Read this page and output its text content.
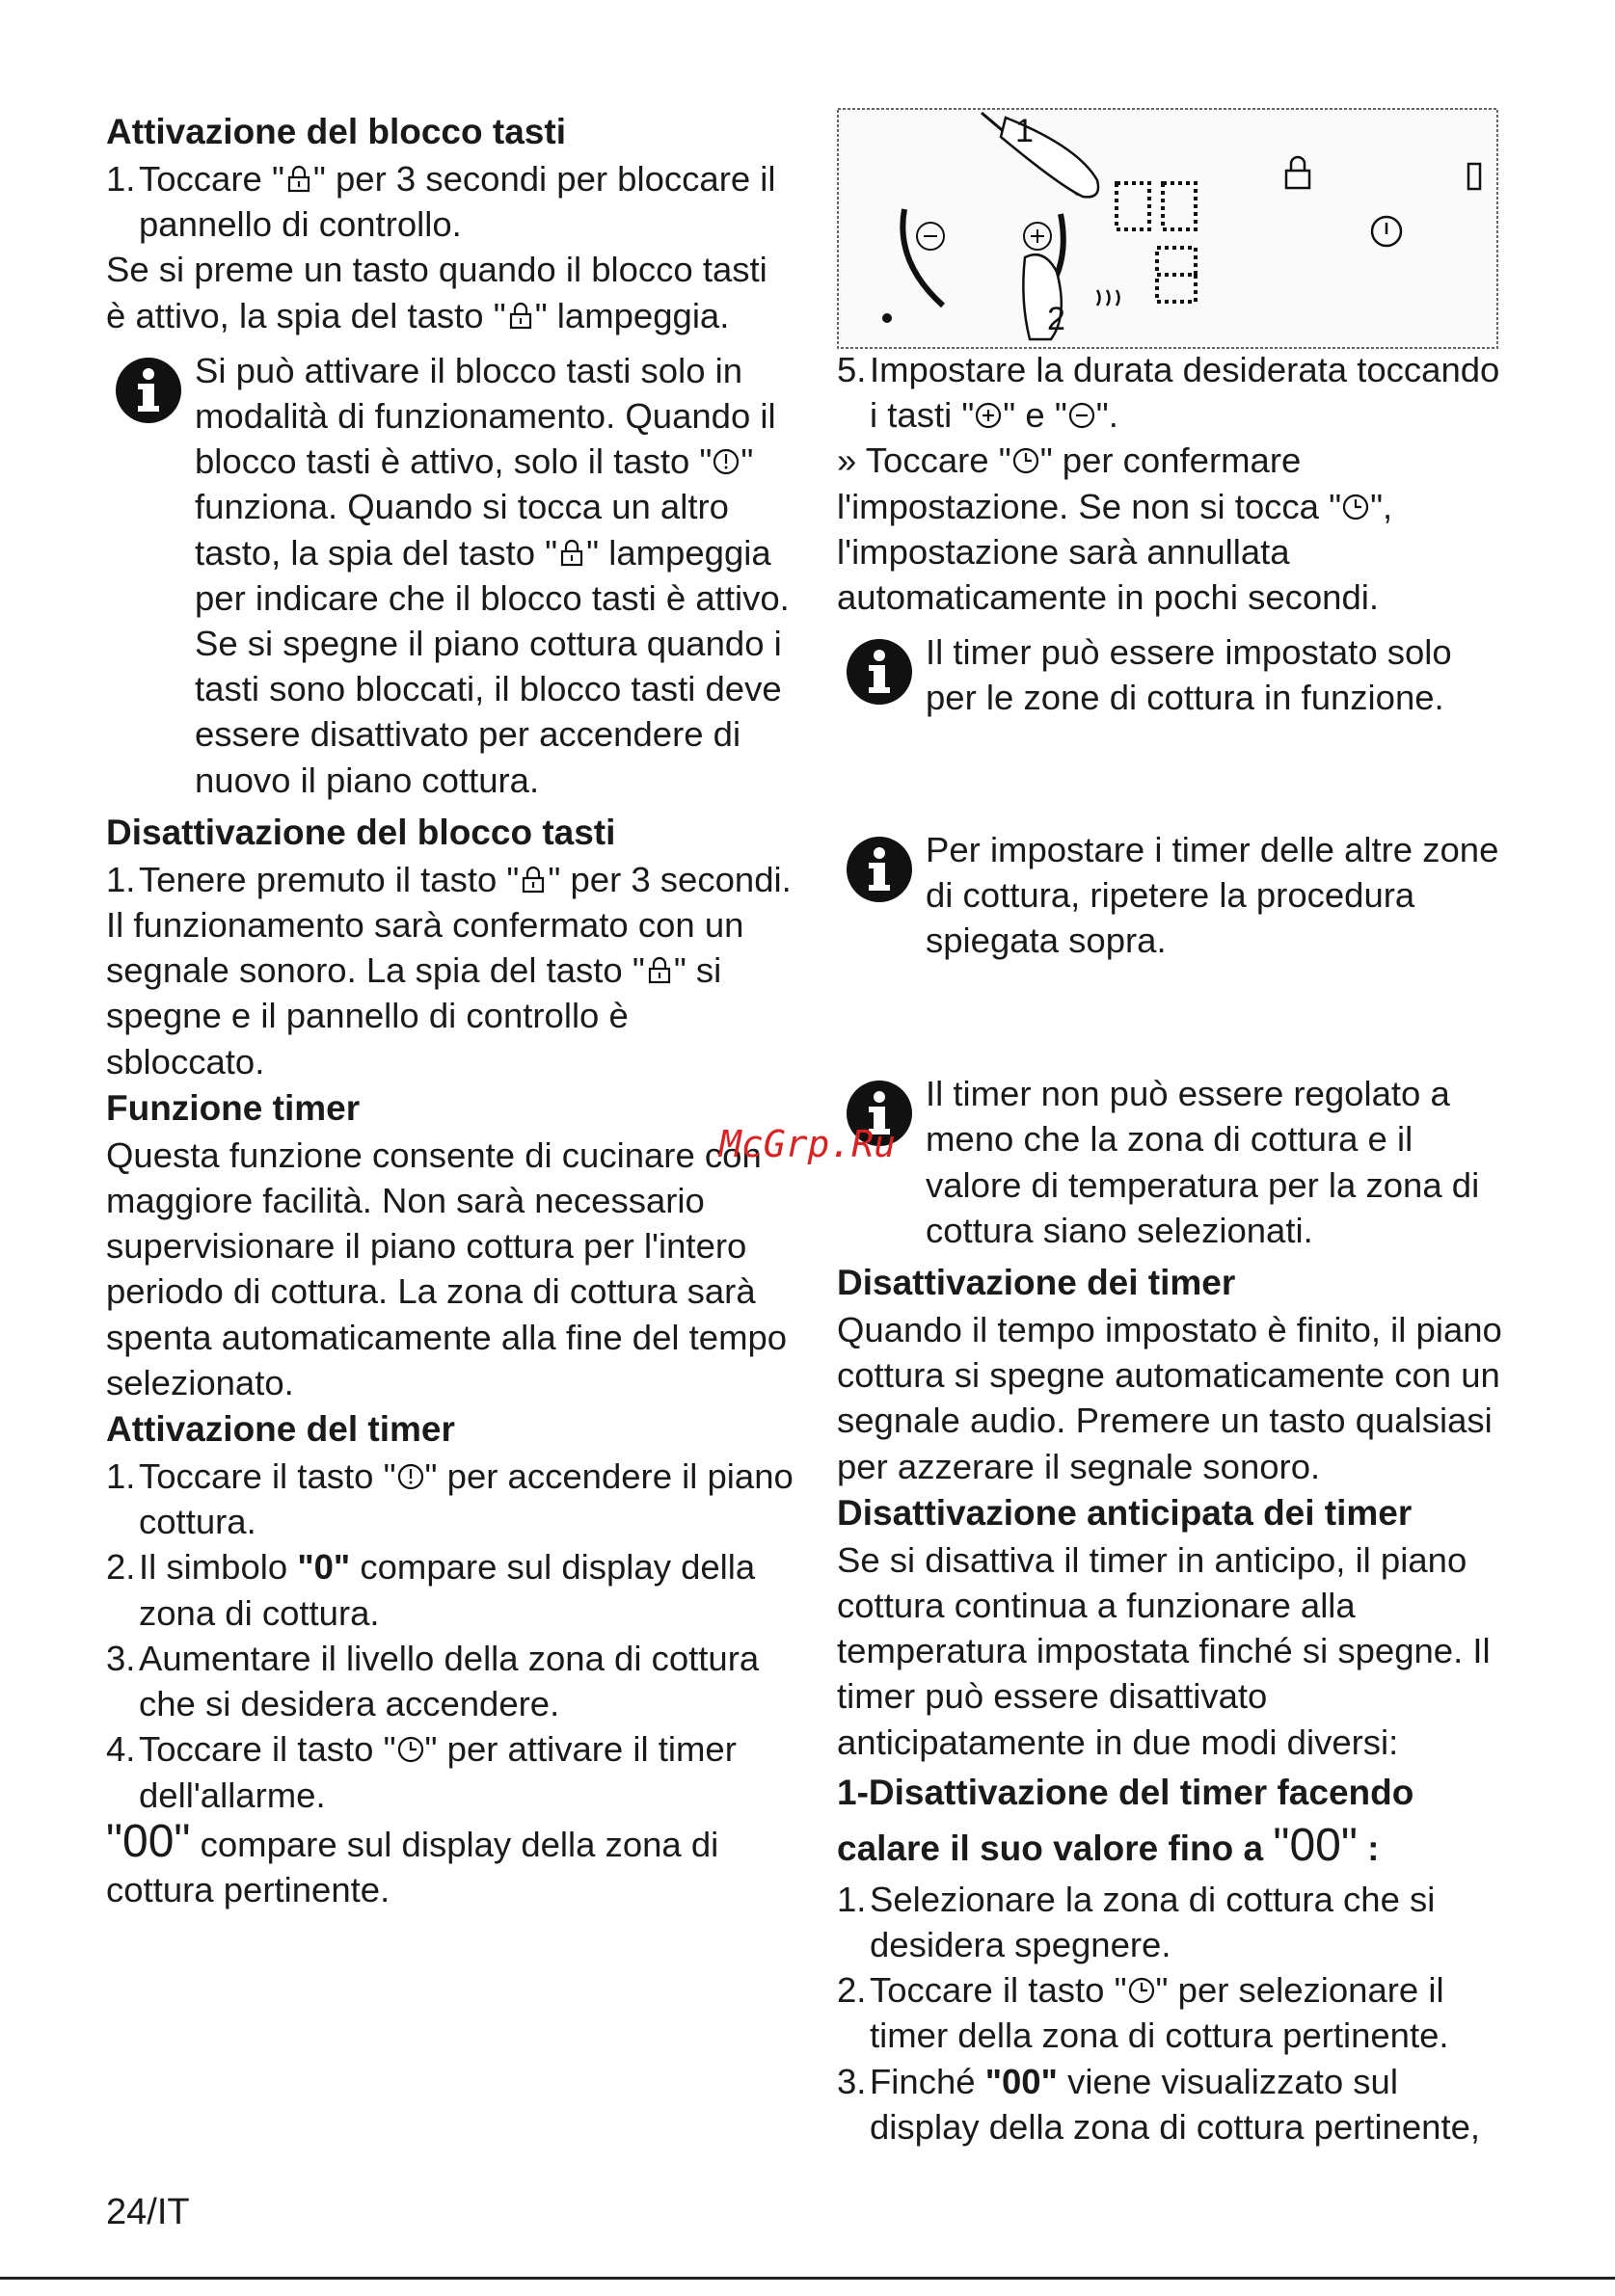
Attivazione del blocco tasti

1.Toccare " " per 3 secondi per bloccare il pannello di controllo.

Se si preme un tasto quando il blocco tasti è attivo, la spia del tasto " " lampeggia.

Si può attivare il blocco tasti solo in modalità di funzionamento. Quando il blocco tasti è attivo, solo il tasto " " funziona. Quando si tocca un altro tasto, la spia del tasto " " lampeggia per indicare che il blocco tasti è attivo.

Se si spegne il piano cottura quando i tasti sono bloccati, il blocco tasti deve essere disattivato per accendere di nuovo il piano cottura.

Disattivazione del blocco tasti

1.Tenere premuto il tasto " " per 3 secondi.

Il funzionamento sarà confermato con un segnale sonoro. La spia del tasto " " si spegne e il pannello di controllo è sbloccato.

Funzione timer

Questa funzione consente di cucinare con maggiore facilità. Non sarà necessario supervisionare il piano cottura per l'intero periodo di cottura. La zona di cottura sarà spenta automaticamente alla fine del tempo selezionato.

Attivazione del timer

1.Toccare il tasto " " per accendere il piano cottura.
2.Il simbolo "0" compare sul display della zona di cottura.
3.Aumentare il livello della zona di cottura che si desidera accendere.
4.Toccare il tasto " " per attivare il timer dell'allarme.

"00" compare sul display della zona di cottura pertinente.

1
2
5.Impostare la durata desiderata toccando i tasti " " e " ".

» Toccare " " per confermare l'impostazione. Se non si tocca " ", l'impostazione sarà annullata automaticamente in pochi secondi.

Il timer può essere impostato solo per le zone di cottura in funzione.

Per impostare i timer delle altre zone di cottura, ripetere la procedura spiegata sopra.

Il timer non può essere regolato a meno che la zona di cottura e il valore di temperatura per la zona di cottura siano selezionati.

Disattivazione dei timer

Quando il tempo impostato è finito, il piano cottura si spegne automaticamente con un segnale audio. Premere un tasto qualsiasi per azzerare il segnale sonoro.

Disattivazione anticipata dei timer

Se si disattiva il timer in anticipo, il piano cottura continua a funzionare alla temperatura impostata finché si spegne. Il timer può essere disattivato anticipatamente in due modi diversi:

1-Disattivazione del timer facendo calare il suo valore fino a "00" :

1.Selezionare la zona di cottura che si desidera spegnere.
2.Toccare il tasto " " per selezionare il timer della zona di cottura pertinente.
3.Finché "00" viene visualizzato sul display della zona di cottura pertinente,
McGrp.Ru
24/IT
